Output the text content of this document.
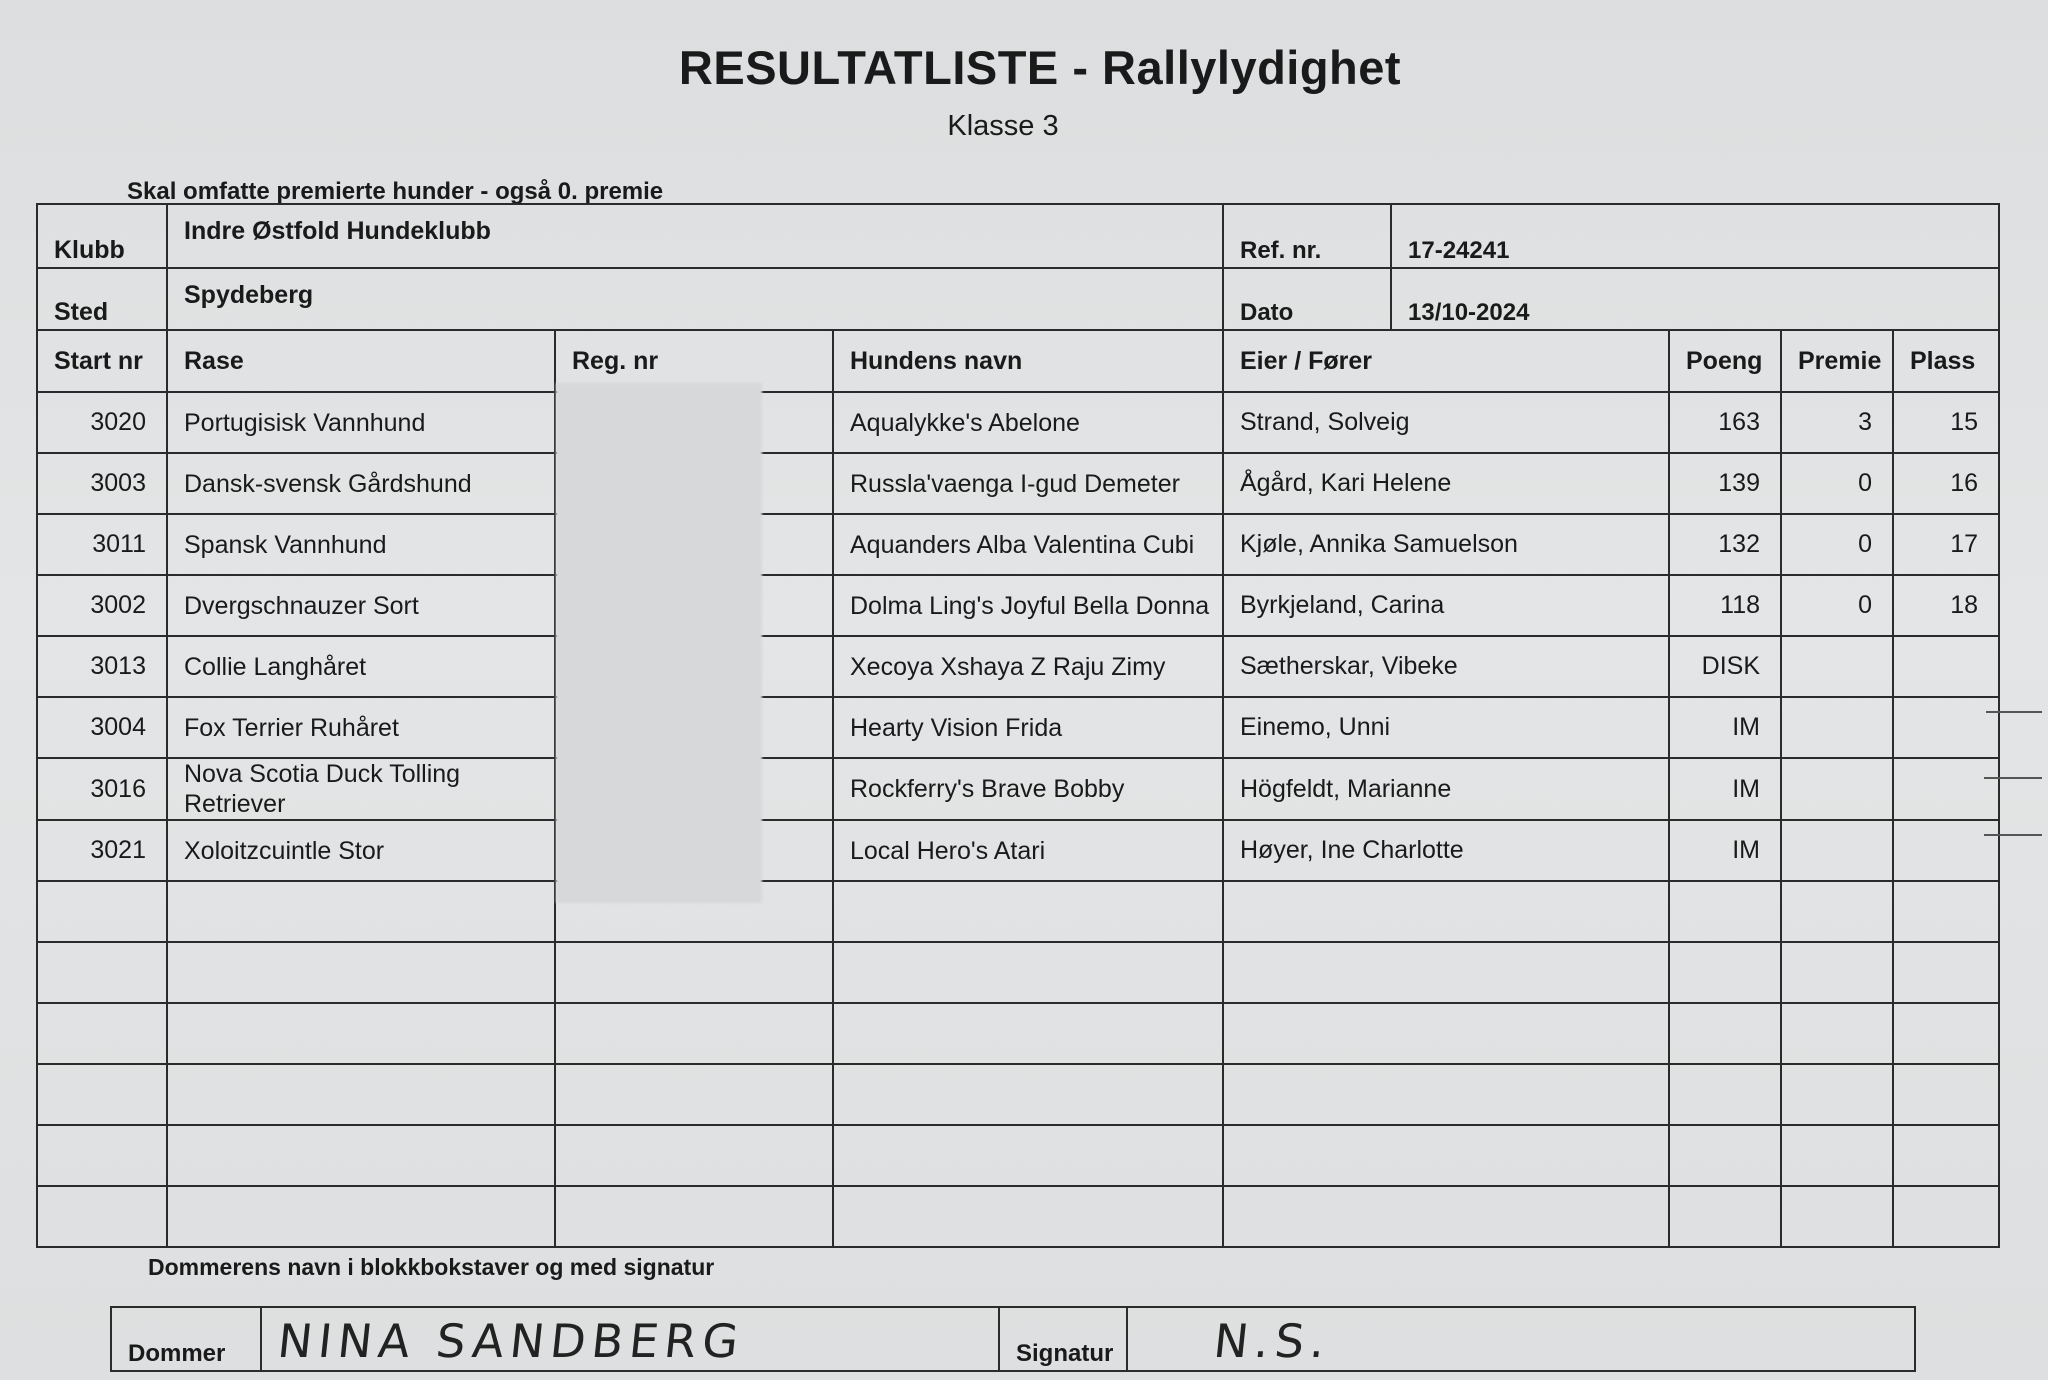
RESULTATLISTE - Rallylydighet
Klasse 3
Skal omfatte premierte hunder - også 0. premie
Klubb	Indre Østfold Hundeklubb	
Ref. nr.	17-24241

Sted	Spydeberg	
Dato	13/10-2024

Start nr	Rase	Reg. nr	Hundens navn	Eier / Fører	Poeng	Premie	Plass
3020	Portugisisk Vannhund		Aqualykke's Abelone	Strand, Solveig	163	3	15
3003	Dansk-svensk Gårdshund		Russla'vaenga I-gud Demeter	Ågård, Kari Helene	139	0	16
3011	Spansk Vannhund		Aquanders Alba Valentina Cubi	Kjøle, Annika Samuelson	132	0	17
3002	Dvergschnauzer Sort		Dolma Ling's Joyful Bella Donna	Byrkjeland, Carina	118	0	18
3013	Collie Langhåret		Xecoya Xshaya Z Raju Zimy	Sætherskar, Vibeke	DISK		
3004	Fox Terrier Ruhåret		Hearty Vision Frida	Einemo, Unni	IM		
3016	Nova Scotia Duck Tolling Retriever		Rockferry's Brave Bobby	Högfeldt, Marianne	IM		
3021	Xoloitzcuintle Stor		Local Hero's Atari	Høyer, Ine Charlotte	IM		

Dommerens navn i blokkbokstaver og med signatur
Dommer	NINA SANDBERG	Signatur	N.S.
